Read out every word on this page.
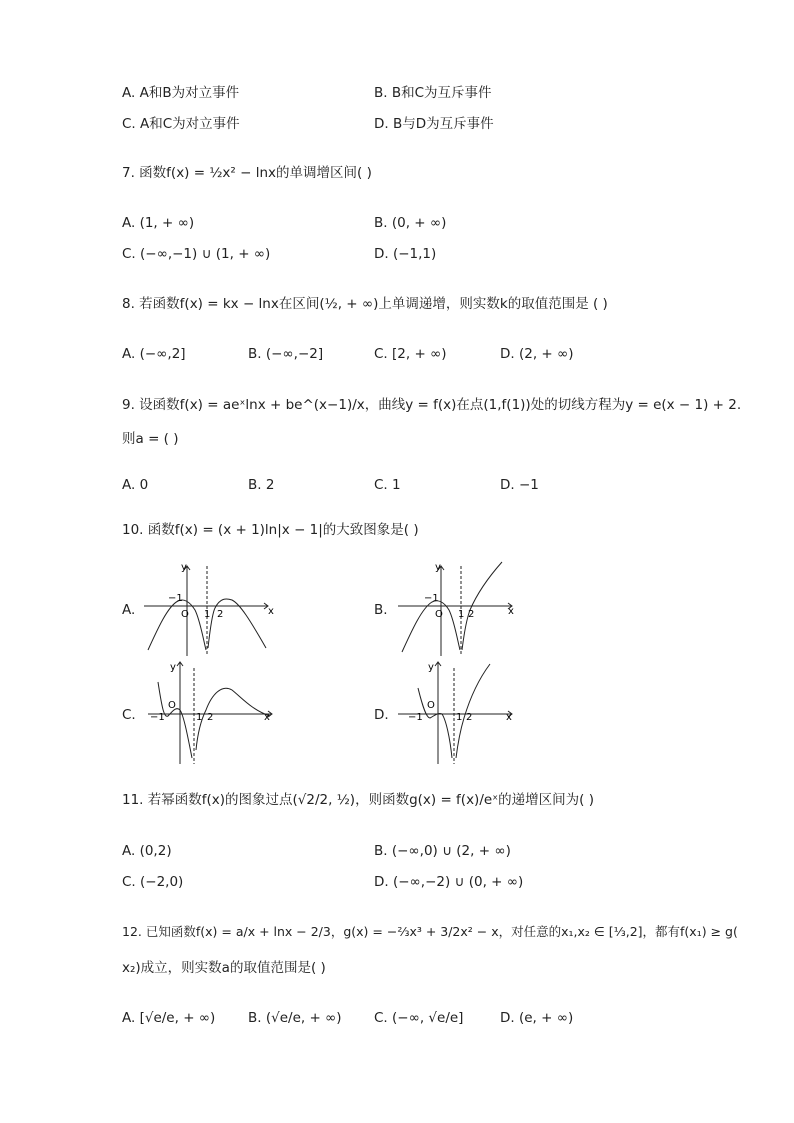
A. A和B为对立事件	B. B和C为互斥事件
C. A和C为对立事件	D. B与D为互斥事件
7. 函数f(x) = ½x² − lnx的单调增区间( )
A. (1, + ∞)	B. (0, + ∞)
C. (−∞,−1) ∪ (1, + ∞)	D. (−1,1)
8. 若函数f(x) = kx − lnx在区间(½, + ∞)上单调递增，则实数k的取值范围是 ( )
A. (−∞,2]	B. (−∞,−2]	C. [2, + ∞)	D. (2, + ∞)
9. 设函数f(x) = aeˣlnx + be^(x−1)/x，曲线y = f(x)在点(1,f(1))处的切线方程为y = e(x − 1) + 2.
则a = ( )
A. 0	B. 2	C. 1	D. −1
10. 函数f(x) = (x + 1)ln|x − 1|的大致图象是( )
A.	B.
C.	D.
y
x
−1
O 1 2
y
x
−1
O 1 2
y
x
−1
O
1 2
y
x
−1
O
1 2
11. 若幂函数f(x)的图象过点(√2/2, ½)，则函数g(x) = f(x)/eˣ的递增区间为( )
A. (0,2)	B. (−∞,0) ∪ (2, + ∞)
C. (−2,0)	D. (−∞,−2) ∪ (0, + ∞)
12. 已知函数f(x) = a/x + lnx − 2/3，g(x) = −⅔x³ + 3/2x² − x，对任意的x₁,x₂ ∈ [⅓,2]，都有f(x₁) ≥ g(
x₂)成立，则实数a的取值范围是( )
A. [√e/e, + ∞) B. (√e/e, + ∞) C. (−∞, √e/e]	D. (e, + ∞)
